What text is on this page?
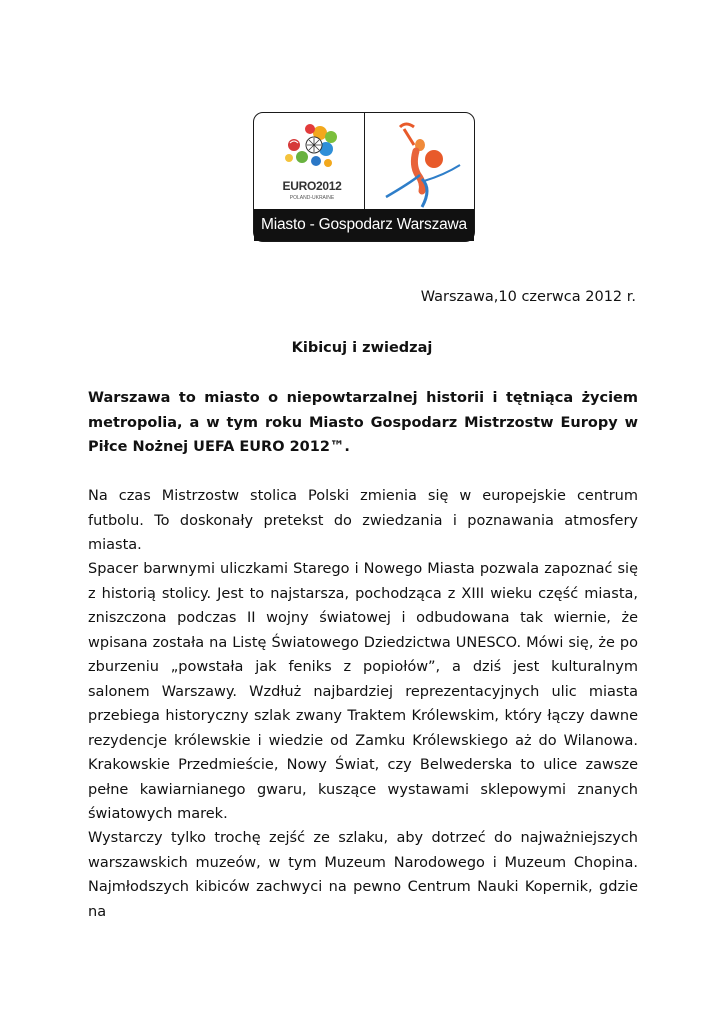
EURO2012
POLAND-UKRAINE
Miasto - Gospodarz Warszawa
Warszawa,10 czerwca 2012 r.
Kibicuj i zwiedzaj
Warszawa to miasto o niepowtarzalnej historii i tętniąca życiem metropolia, a w tym roku Miasto Gospodarz Mistrzostw Europy w Piłce Nożnej UEFA EURO 2012™.
Na czas Mistrzostw stolica Polski zmienia się w europejskie centrum futbolu. To doskonały pretekst do zwiedzania i poznawania atmosfery miasta.
Spacer barwnymi uliczkami Starego i Nowego Miasta pozwala zapoznać się z historią stolicy. Jest to najstarsza, pochodząca z XIII wieku część miasta, zniszczona podczas II wojny światowej i odbudowana tak wiernie, że wpisana została na Listę Światowego Dziedzictwa UNESCO. Mówi się, że po zburzeniu „powstała jak feniks z popiołów”, a dziś jest kulturalnym salonem Warszawy. Wzdłuż najbardziej reprezentacyjnych ulic miasta przebiega historyczny szlak zwany Traktem Królewskim, który łączy dawne rezydencje królewskie i wiedzie od Zamku Królewskiego aż do Wilanowa. Krakowskie Przedmieście, Nowy Świat, czy Belwederska to ulice zawsze pełne kawiarnianego gwaru, kuszące wystawami sklepowymi znanych światowych marek.
Wystarczy tylko trochę zejść ze szlaku, aby dotrzeć do najważniejszych warszawskich muzeów, w tym Muzeum Narodowego i Muzeum Chopina. Najmłodszych kibiców zachwyci na pewno Centrum Nauki Kopernik, gdzie na
